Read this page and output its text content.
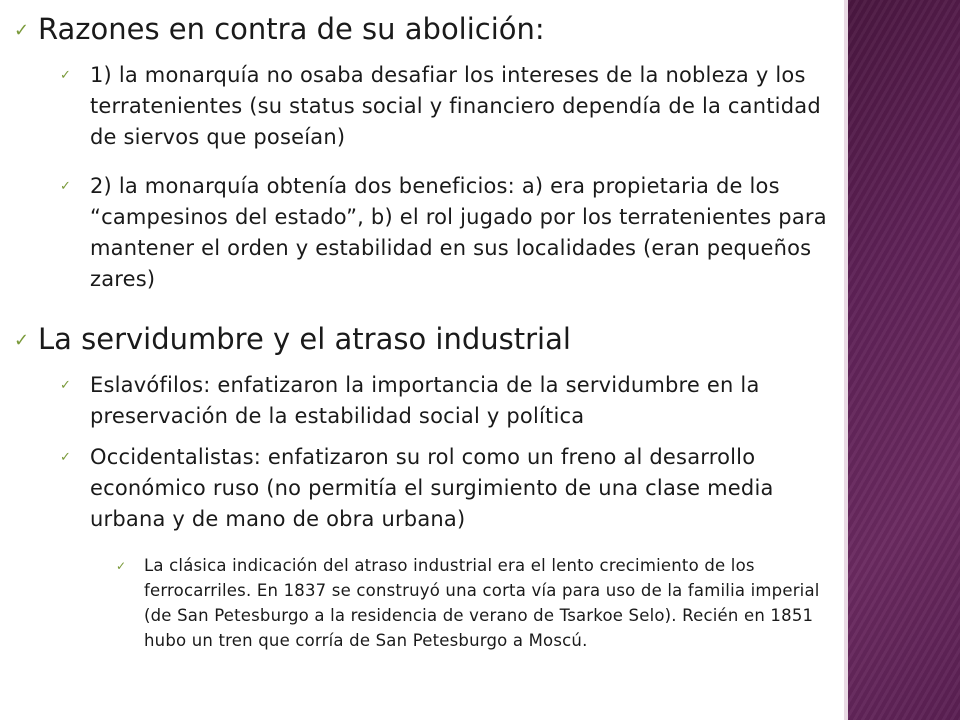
✓ Razones en contra de su abolición:
✓ 1) la monarquía no osaba desafiar los intereses de la nobleza y los terratenientes (su status social y financiero dependía de la cantidad de siervos que poseían)
✓ 2) la monarquía obtenía dos beneficios: a) era propietaria de los “campesinos del estado”, b) el rol jugado por los terratenientes para mantener el orden y estabilidad en sus localidades (eran pequeños zares)
✓ La servidumbre y el atraso industrial
✓ Eslavófilos: enfatizaron la importancia de la servidumbre en la preservación de la estabilidad social y política
✓ Occidentalistas: enfatizaron su rol como un freno al desarrollo económico ruso (no permitía el surgimiento de una clase media urbana y de mano de obra urbana)
✓ La clásica indicación del atraso industrial era el lento crecimiento de los ferrocarriles. En 1837 se construyó una corta vía para uso de la familia imperial (de San Petesburgo a la residencia de verano de Tsarkoe Selo). Recién en 1851 hubo un tren que corría de San Petesburgo a Moscú.
